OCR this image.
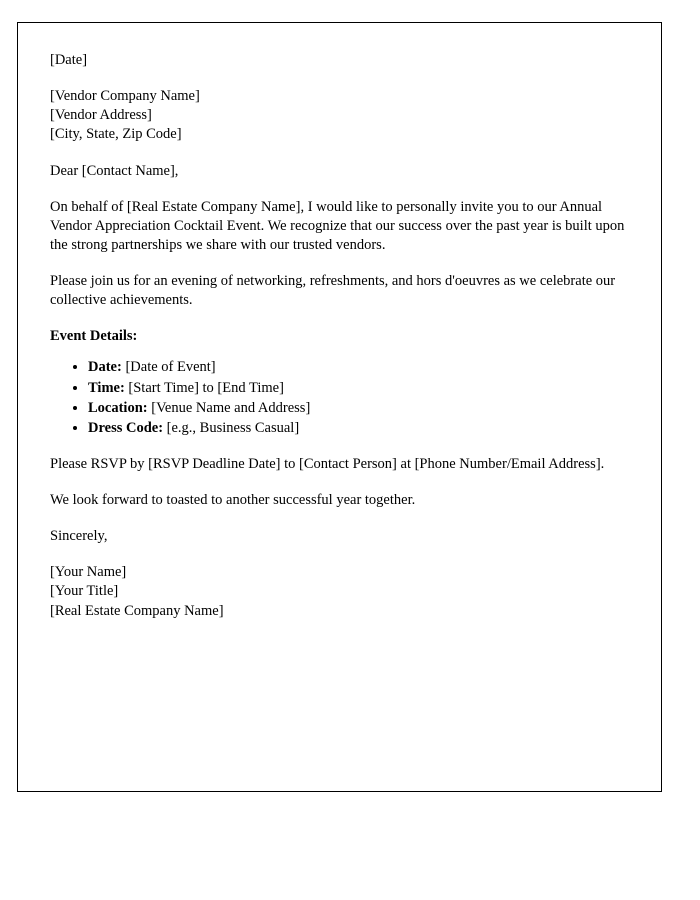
[Date]
[Vendor Company Name]
[Vendor Address]
[City, State, Zip Code]
Dear [Contact Name],

On behalf of [Real Estate Company Name], I would like to personally invite you to our Annual Vendor Appreciation Cocktail Event. We recognize that our success over the past year is built upon the strong partnerships we share with our trusted vendors.

Please join us for an evening of networking, refreshments, and hors d'oeuvres as we celebrate our collective achievements.

Event Details:
• Date: [Date of Event]
• Time: [Start Time] to [End Time]
• Location: [Venue Name and Address]
• Dress Code: [e.g., Business Casual]

Please RSVP by [RSVP Deadline Date] to [Contact Person] at [Phone Number/Email Address].

We look forward to toasted to another successful year together.

Sincerely,
[Your Name]
[Your Title]
[Real Estate Company Name]
